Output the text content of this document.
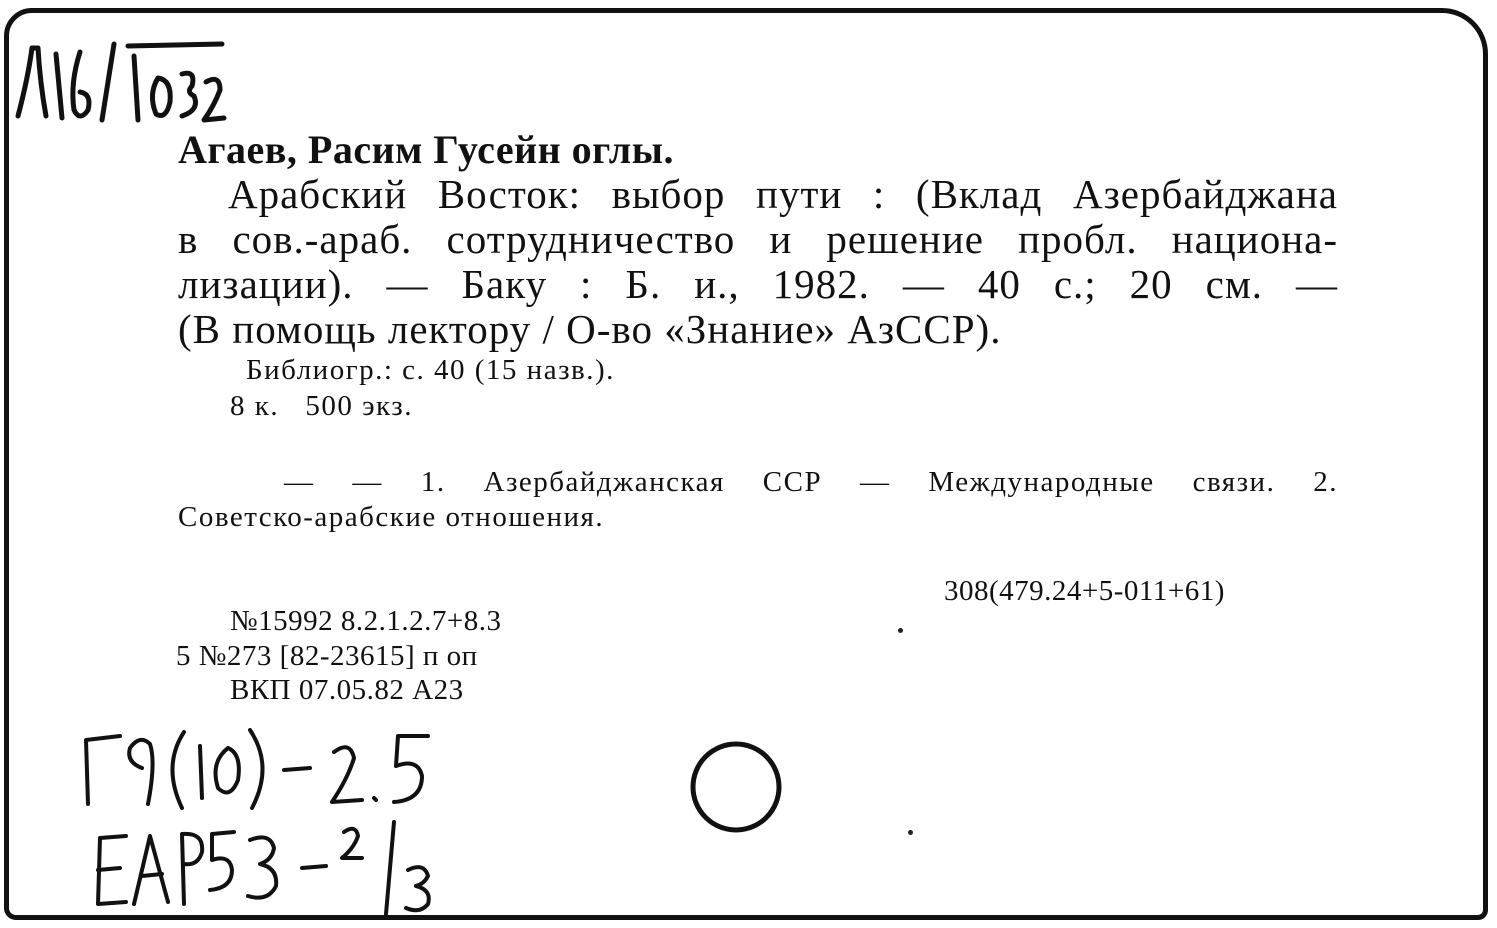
Агаев, Расим Гусейн оглы.
Арабский Восток: выбор пути : (Вклад Азербайджана
в сов.-араб. сотрудничество и решение пробл. национа-
лизации). — Баку : Б. и., 1982. — 40 с.; 20 см. —
(В помощь лектору / О-во «Знание» АзССР).
Библиогр.: с. 40 (15 назв.).
8 к.   500 экз.
— — 1. Азербайджанская ССР — Международные связи. 2.
Советско-арабские отношения.
308(479.24+5-011+61)
№15992 8.2.1.2.7+8.3
5 №273 [82-23615] п оп
ВКП 07.05.82 А23
